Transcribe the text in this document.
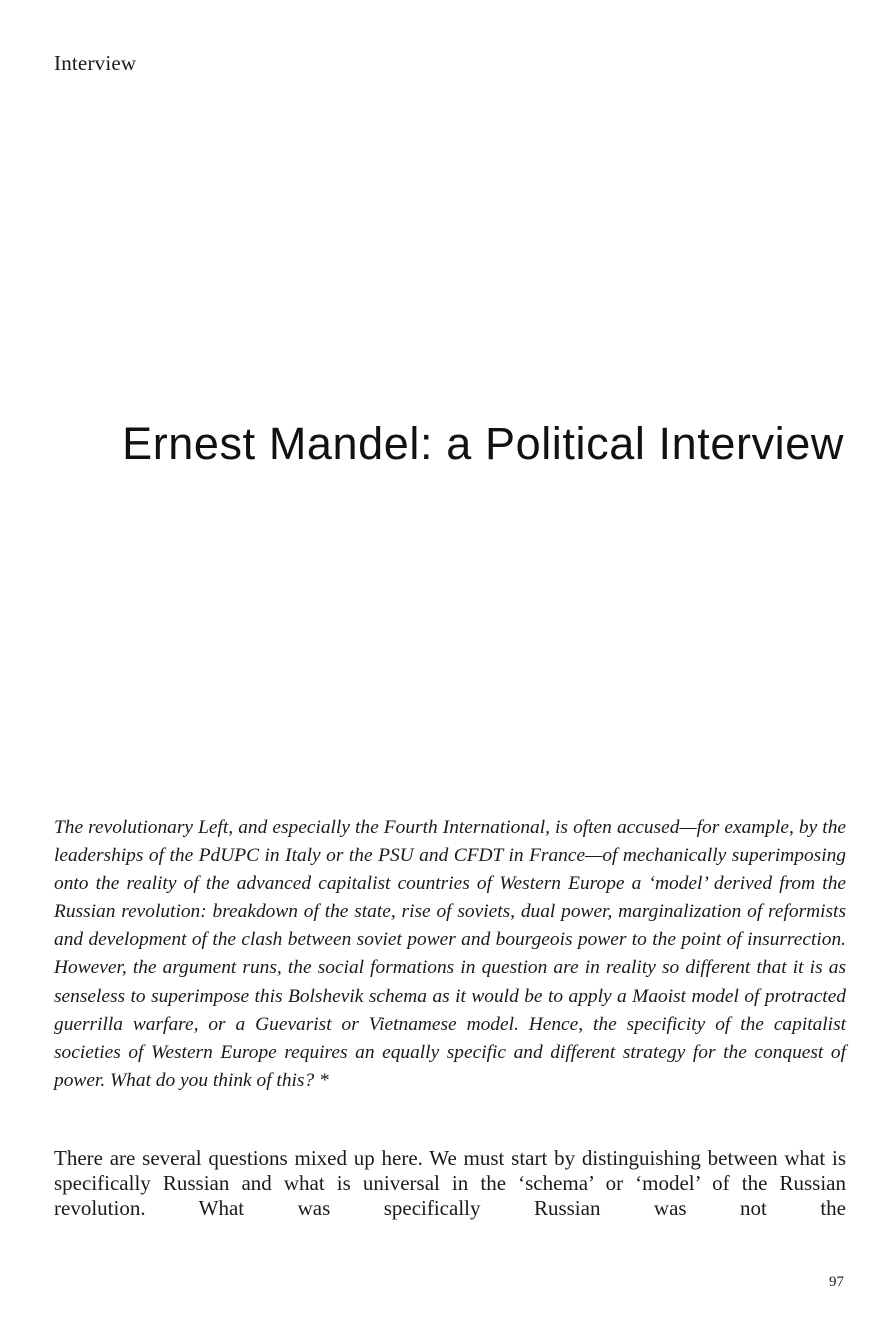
Interview

Ernest Mandel: a Political Interview

The revolutionary Left, and especially the Fourth International, is often accused—for example, by the leaderships of the PdUPC in Italy or the PSU and CFDT in France—of mechanically superimposing onto the reality of the advanced capitalist countries of Western Europe a ‘model’ derived from the Russian revolution: breakdown of the state, rise of soviets, dual power, marginalization of reformists and development of the clash between soviet power and bourgeois power to the point of insurrection. However, the argument runs, the social formations in question are in reality so different that it is as senseless to superimpose this Bolshevik schema as it would be to apply a Maoist model of protracted guerrilla warfare, or a Guevarist or Vietnamese model. Hence, the specificity of the capitalist societies of Western Europe requires an equally specific and different strategy for the conquest of power. What do you think of this? *

There are several questions mixed up here. We must start by distinguishing between what is specifically Russian and what is universal in the ‘schema’ or ‘model’ of the Russian revolution. What was specifically Russian was not the

97
